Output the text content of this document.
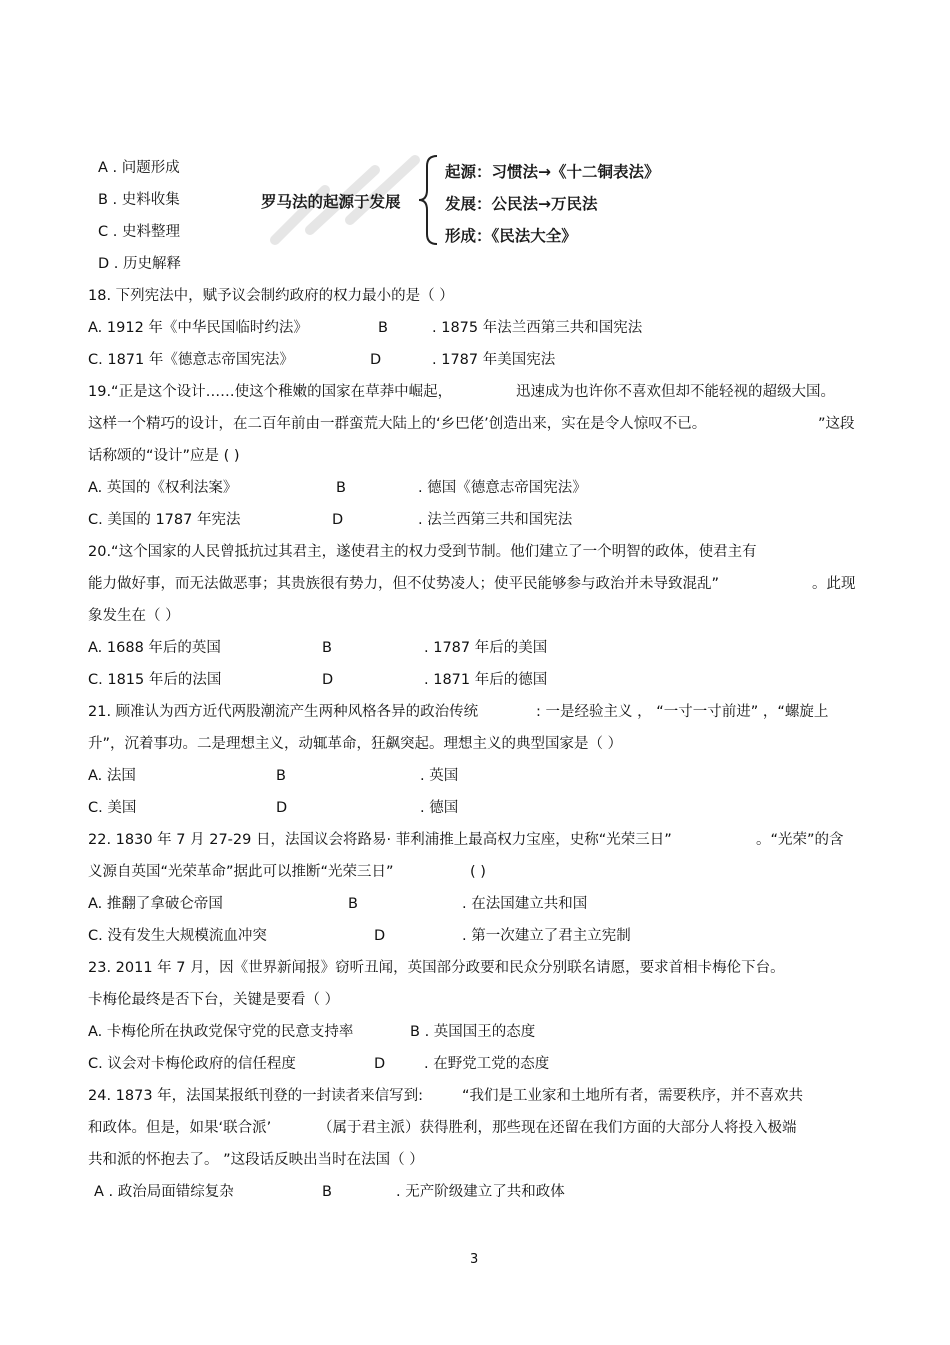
A . 问题形成
B . 史料收集
C . 史料整理
D . 历史解释
罗马法的起源于发展
起源：习惯法→《十二铜表法》
发展：公民法→万民法
形成：《民法大全》
18. 下列宪法中，赋予议会制约政府的权力最小的是（ ）
A. 1912 年《中华民国临时约法》	B	. 1875 年法兰西第三共和国宪法
C. 1871 年《德意志帝国宪法》	D	. 1787 年美国宪法
19.“正是这个设计……使这个稚嫩的国家在草莽中崛起，	迅速成为也许你不喜欢但却不能轻视的超级大国。
这样一个精巧的设计，在二百年前由一群蛮荒大陆上的‘乡巴佬’创造出来，实在是令人惊叹不已。	”这段
话称颂的“设计”应是 ( )
A. 英国的《权利法案》	B	. 德国《德意志帝国宪法》
C. 美国的 1787 年宪法	D	. 法兰西第三共和国宪法
20.“这个国家的人民曾抵抗过其君主，遂使君主的权力受到节制。他们建立了一个明智的政体，使君主有
能力做好事，而无法做恶事；其贵族很有势力，但不仗势凌人；使平民能够参与政治并未导致混乱”	。此现
象发生在（ ）
A. 1688 年后的英国	B	. 1787 年后的美国
C. 1815 年后的法国	D	. 1871 年后的德国
21. 顾准认为西方近代两股潮流产生两种风格各异的政治传统	: 一是经验主义 ， “一寸一寸前进” ，“螺旋上
升”，沉着事功。二是理想主义，动辄革命，狂飙突起。理想主义的典型国家是（ ）
A. 法国	B	. 英国
C. 美国	D	. 德国
22. 1830 年 7 月 27-29 日，法国议会将路易· 菲利浦推上最高权力宝座，史称“光荣三日”	。“光荣”的含
义源自英国“光荣革命”据此可以推断“光荣三日”	( )
A. 推翻了拿破仑帝国	B	. 在法国建立共和国
C. 没有发生大规模流血冲突	D	. 第一次建立了君主立宪制
23. 2011 年 7 月，因《世界新闻报》窃听丑闻，英国部分政要和民众分别联名请愿，要求首相卡梅伦下台。
卡梅伦最终是否下台，关键是要看（ ）
A. 卡梅伦所在执政党保守党的民意支持率	B . 英国国王的态度
C. 议会对卡梅伦政府的信任程度	D	. 在野党工党的态度
24. 1873 年，法国某报纸刊登的一封读者来信写到:	“我们是工业家和土地所有者，需要秩序，并不喜欢共
和政体。但是，如果‘联合派’	（属于君主派）获得胜利，那些现在还留在我们方面的大部分人将投入极端
共和派的怀抱去了。 ”这段话反映出当时在法国（ ）
A . 政治局面错综复杂	B	. 无产阶级建立了共和政体
3
